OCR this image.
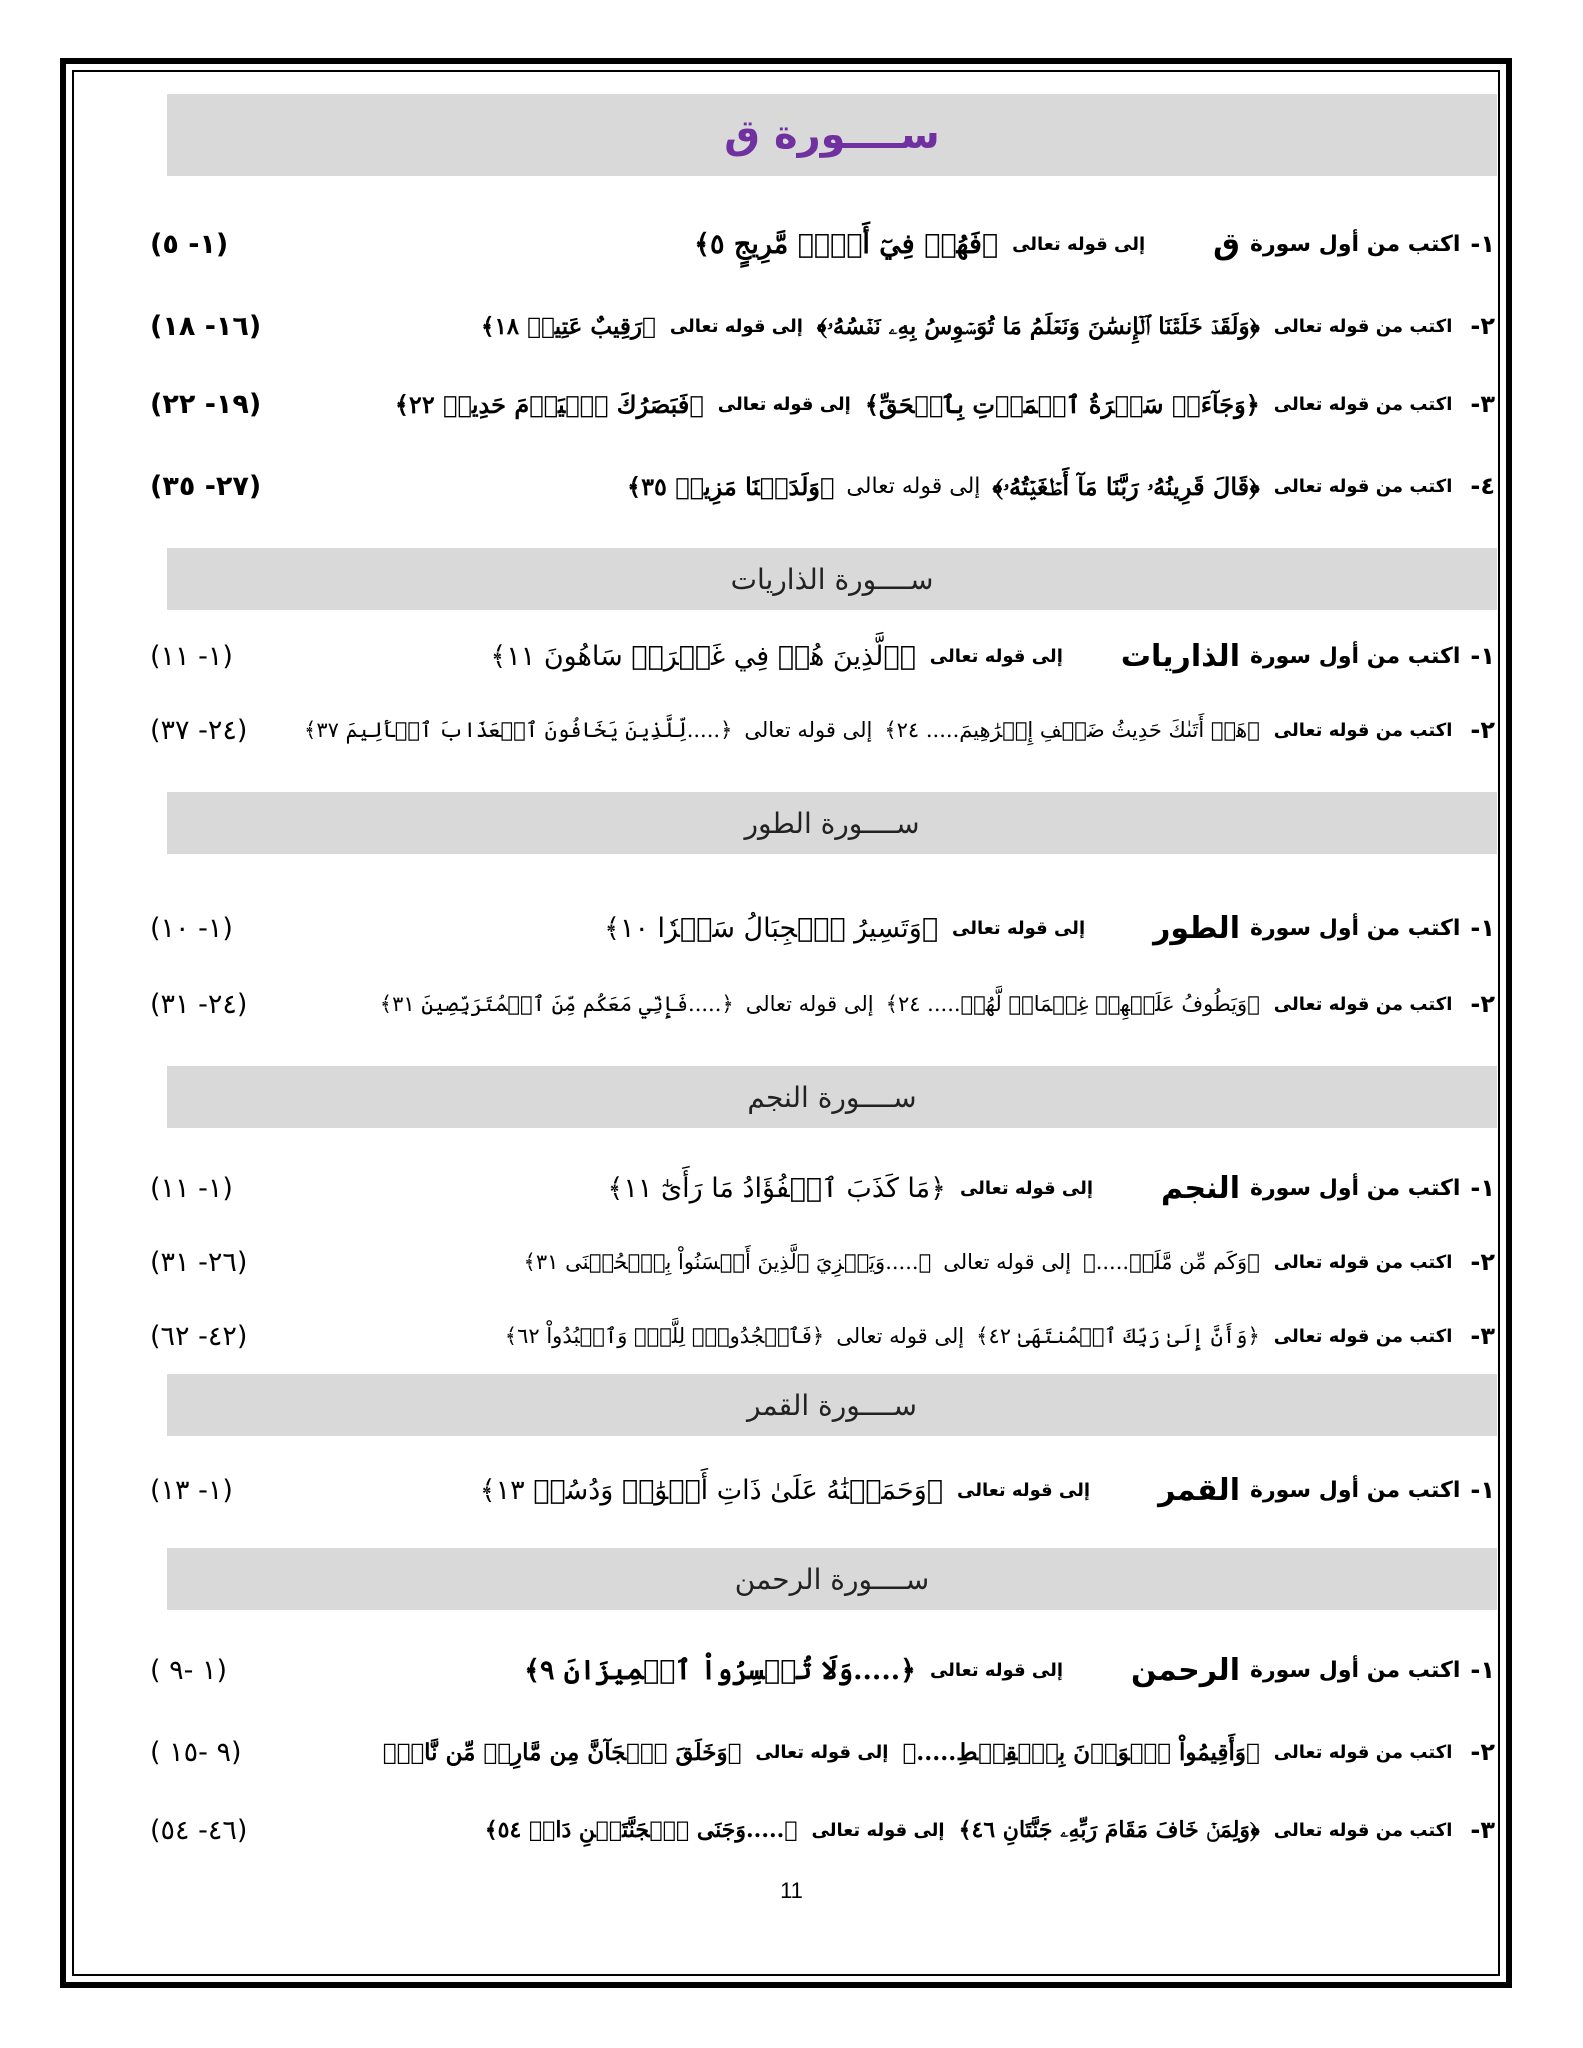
ســــورة ق
١-
اكتب من أول سورة
ق
إلى قوله تعالى
﴿فَهُمۡ فِيٓ أَمۡرٖ مَّرِيجٍ ٥﴾
(١- ٥)
٢-
اكتب من قوله تعالى
﴿وَلَقَدۡ خَلَقۡنَا ٱلۡإِنسَٰنَ وَنَعۡلَمُ مَا تُوَسۡوِسُ بِهِۦ نَفۡسُهُۥ﴾
إلى قوله تعالى
﴿رَقِيبٌ عَتِيدٞ ١٨﴾
(١٦- ١٨)
٣-
اكتب من قوله تعالى
﴿وَجَآءَتۡ سَكۡرَةُ ٱلۡمَوۡتِ بِٱلۡحَقِّ﴾
إلى قوله تعالى
﴿فَبَصَرُكَ ٱلۡيَوۡمَ حَدِيدٞ ٢٢﴾
(١٩- ٢٢)
٤-
اكتب من قوله تعالى
﴿قَالَ قَرِينُهُۥ رَبَّنَا مَآ أَطۡغَيۡتُهُۥ﴾
إلى قوله تعالى
﴿وَلَدَيۡنَا مَزِيدٞ ٣٥﴾
(٢٧- ٣٥)
ســــورة الذاريات
١-
اكتب من أول سورة
الذاريات
إلى قوله تعالى
﴿ٱلَّذِينَ هُمۡ فِي غَمۡرَةٖ سَاهُونَ ١١﴾
(١- ١١)
٢-
اكتب من قوله تعالى
﴿هَلۡ أَتَىٰكَ حَدِيثُ ضَيۡفِ إِبۡرَٰهِيمَ..... ٢٤﴾
إلى قوله تعالى
﴿.....لِّلَّذِينَ يَخَافُونَ ٱلۡعَذَابَ ٱلۡأَلِيمَ ٣٧﴾
(٢٤- ٣٧)
ســــورة الطور
١-
اكتب من أول سورة
الطور
إلى قوله تعالى
﴿وَتَسِيرُ ٱلۡجِبَالُ سَيۡرٗا ١٠﴾
(١- ١٠)
٢-
اكتب من قوله تعالى
﴿وَيَطُوفُ عَلَيۡهِمۡ غِلۡمَانٞ لَّهُمۡ..... ٢٤﴾
إلى قوله تعالى
﴿.....فَإِنِّي مَعَكُم مِّنَ ٱلۡمُتَرَبِّصِينَ ٣١﴾
(٢٤- ٣١)
ســــورة النجم
١-
اكتب من أول سورة
النجم
إلى قوله تعالى
﴿مَا كَذَبَ ٱلۡفُؤَادُ مَا رَأَىٰٓ ١١﴾
(١- ١١)
٢-
اكتب من قوله تعالى
﴿وَكَم مِّن مَّلَكٖ.....﴾
إلى قوله تعالى
﴿.....وَيَجۡزِيَ ٱلَّذِينَ أَحۡسَنُواْ بِٱلۡحُسۡنَى ٣١﴾
(٢٦- ٣١)
٣-
اكتب من قوله تعالى
﴿وَأَنَّ إِلَىٰ رَبِّكَ ٱلۡمُنتَهَىٰ ٤٢﴾
إلى قوله تعالى
﴿فَٱسۡجُدُواْۤ لِلَّهِۤ وَٱعۡبُدُواْ ٦٢﴾
(٤٢- ٦٢)
ســــورة القمر
١-
اكتب من أول سورة
القمر
إلى قوله تعالى
﴿وَحَمَلۡنَٰهُ عَلَىٰ ذَاتِ أَلۡوَٰحٖ وَدُسُرٖ ١٣﴾
(١- ١٣)
ســــورة الرحمن
١-
اكتب من أول سورة
الرحمن
إلى قوله تعالى
﴿.....وَلَا تُخۡسِرُواْ ٱلۡمِيزَانَ ٩﴾
(١ -٩ )
٢-
اكتب من قوله تعالى
﴿وَأَقِيمُواْ ٱلۡوَزۡنَ بِٱلۡقِسۡطِ.....﴾
إلى قوله تعالى
﴿وَخَلَقَ ٱلۡجَآنَّ مِن مَّارِجٖ مِّن نَّارٖ﴾
(٩ -١٥ )
٣-
اكتب من قوله تعالى
﴿وَلِمَنۡ خَافَ مَقَامَ رَبِّهِۦ جَنَّتَانِ ٤٦﴾
إلى قوله تعالى
﴿.....وَجَنَى ٱلۡجَنَّتَيۡنِ دَانٖ ٥٤﴾
(٤٦- ٥٤)
11
